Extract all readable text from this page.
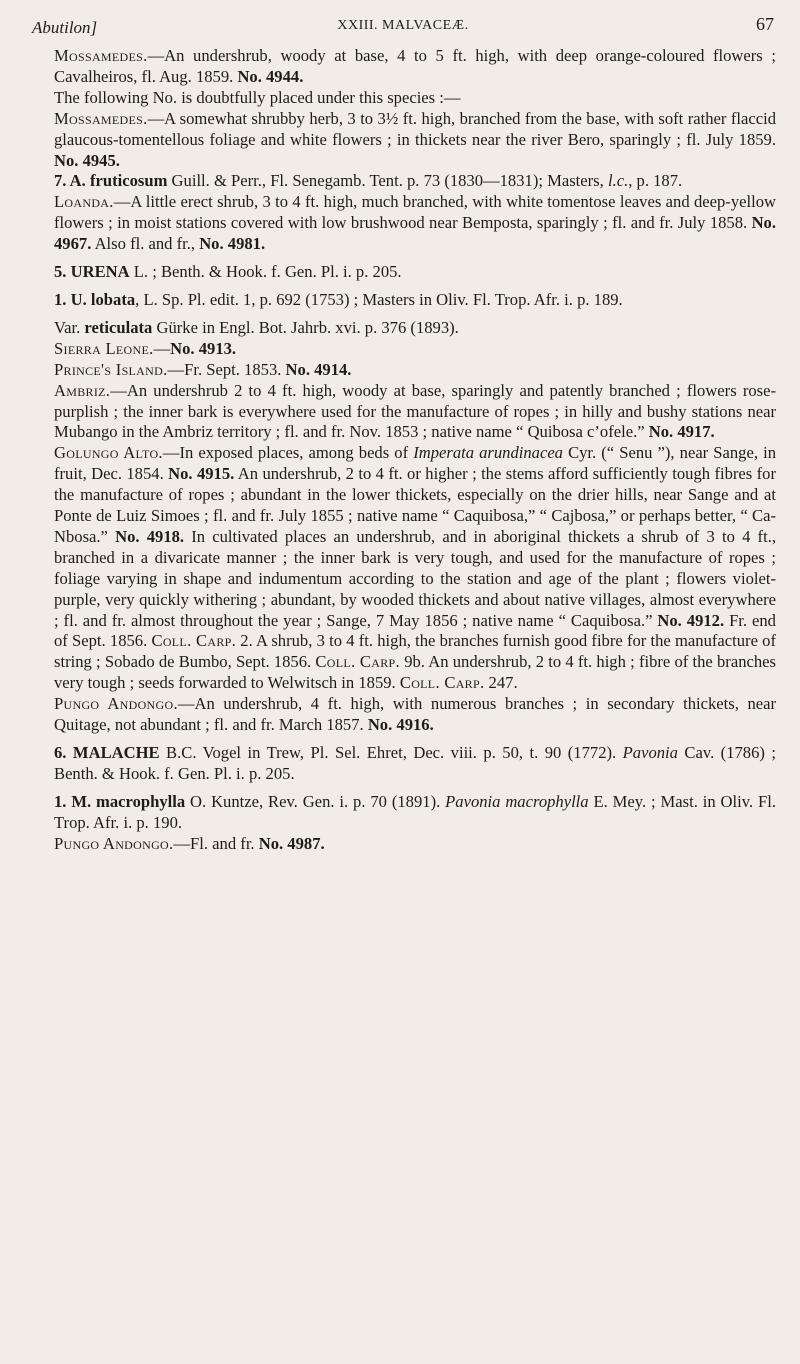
Abutilon]	XXIII. MALVACEÆ.	67

Mossamedes.—An undershrub, woody at base, 4 to 5 ft. high, with deep orange-coloured flowers ; Cavalheiros, fl. Aug. 1859. No. 4944.

The following No. is doubtfully placed under this species :—

Mossamedes.—A somewhat shrubby herb, 3 to 3½ ft. high, branched from the base, with soft rather flaccid glaucous-tomentellous foliage and white flowers ; in thickets near the river Bero, sparingly ; fl. July 1859. No. 4945.

7. A. fruticosum Guill. & Perr., Fl. Senegamb. Tent. p. 73 (1830—1831); Masters, l.c., p. 187.

Loanda.—A little erect shrub, 3 to 4 ft. high, much branched, with white tomentose leaves and deep-yellow flowers ; in moist stations covered with low brushwood near Bemposta, sparingly ; fl. and fr. July 1858. No. 4967. Also fl. and fr., No. 4981.

5. URENA L. ; Benth. & Hook. f. Gen. Pl. i. p. 205.

1. U. lobata, L. Sp. Pl. edit. 1, p. 692 (1753) ; Masters in Oliv. Fl. Trop. Afr. i. p. 189.

Var. reticulata Gürke in Engl. Bot. Jahrb. xvi. p. 376 (1893).

Sierra Leone.—No. 4913.

Prince's Island.—Fr. Sept. 1853. No. 4914.

Ambriz.—An undershrub 2 to 4 ft. high, woody at base, sparingly and patently branched ; flowers rose-purplish ; the inner bark is everywhere used for the manufacture of ropes ; in hilly and bushy stations near Mubango in the Ambriz territory ; fl. and fr. Nov. 1853 ; native name “ Quibosa c’ofele.” No. 4917.

Golungo Alto.—In exposed places, among beds of Imperata arundinacea Cyr. (“ Senu ”), near Sange, in fruit, Dec. 1854. No. 4915. An undershrub, 2 to 4 ft. or higher ; the stems afford sufficiently tough fibres for the manufacture of ropes ; abundant in the lower thickets, especially on the drier hills, near Sange and at Ponte de Luiz Simoes ; fl. and fr. July 1855 ; native name “ Caquibosa,” “ Cajbosa,” or perhaps better, “ Ca-Nbosa.” No. 4918. In cultivated places an undershrub, and in aboriginal thickets a shrub of 3 to 4 ft., branched in a divaricate manner ; the inner bark is very tough, and used for the manufacture of ropes ; foliage varying in shape and indumentum according to the station and age of the plant ; flowers violet-purple, very quickly withering ; abundant, by wooded thickets and about native villages, almost everywhere ; fl. and fr. almost throughout the year ; Sange, 7 May 1856 ; native name “ Caquibosa.” No. 4912. Fr. end of Sept. 1856. Coll. Carp. 2. A shrub, 3 to 4 ft. high, the branches furnish good fibre for the manufacture of string ; Sobado de Bumbo, Sept. 1856. Coll. Carp. 9b. An undershrub, 2 to 4 ft. high ; fibre of the branches very tough ; seeds forwarded to Welwitsch in 1859. Coll. Carp. 247.

Pungo Andongo.—An undershrub, 4 ft. high, with numerous branches ; in secondary thickets, near Quitage, not abundant ; fl. and fr. March 1857. No. 4916.

6. MALACHE B.C. Vogel in Trew, Pl. Sel. Ehret, Dec. viii. p. 50, t. 90 (1772). Pavonia Cav. (1786) ; Benth. & Hook. f. Gen. Pl. i. p. 205.

1. M. macrophylla O. Kuntze, Rev. Gen. i. p. 70 (1891). Pavonia macrophylla E. Mey. ; Mast. in Oliv. Fl. Trop. Afr. i. p. 190.

Pungo Andongo.—Fl. and fr. No. 4987.
